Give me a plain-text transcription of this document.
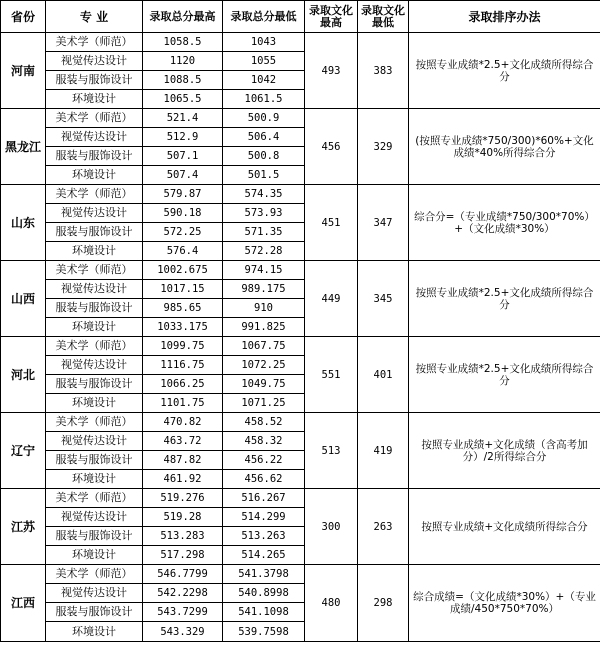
省份	专 业	录取总分最高	录取总分最低	录取文化最高	录取文化最低	录取排序办法
河南	美术学（师范）	1058.5	1043	493	383	按照专业成绩*2.5+文化成绩所得综合分
	视觉传达设计	1120	1055			
	服装与服饰设计	1088.5	1042			
	环境设计	1065.5	1061.5			
黑龙江	美术学（师范）	521.4	500.9	456	329	(按照专业成绩*750/300)*60%+文化成绩*40%所得综合分
	视觉传达设计	512.9	506.4			
	服装与服饰设计	507.1	500.8			
	环境设计	507.4	501.5			
山东	美术学（师范）	579.87	574.35	451	347	综合分=（专业成绩*750/300*70%）+（文化成绩*30%）
	视觉传达设计	590.18	573.93			
	服装与服饰设计	572.25	571.35			
	环境设计	576.4	572.28			
山西	美术学（师范）	1002.675	974.15	449	345	按照专业成绩*2.5+文化成绩所得综合分
	视觉传达设计	1017.15	989.175			
	服装与服饰设计	985.65	910			
	环境设计	1033.175	991.825			
河北	美术学（师范）	1099.75	1067.75	551	401	按照专业成绩*2.5+文化成绩所得综合分
	视觉传达设计	1116.75	1072.25			
	服装与服饰设计	1066.25	1049.75			
	环境设计	1101.75	1071.25			
辽宁	美术学（师范）	470.82	458.52	513	419	按照专业成绩+文化成绩（含高考加分）/2所得综合分
	视觉传达设计	463.72	458.32			
	服装与服饰设计	487.82	456.22			
	环境设计	461.92	456.62			
江苏	美术学（师范）	519.276	516.267	300	263	按照专业成绩+文化成绩所得综合分
	视觉传达设计	519.28	514.299			
	服装与服饰设计	513.283	513.263			
	环境设计	517.298	514.265			
江西	美术学（师范）	546.7799	541.3798	480	298	综合成绩=（文化成绩*30%）+（专业成绩/450*750*70%）
	视觉传达设计	542.2298	540.8998			
	服装与服饰设计	543.7299	541.1098			
	环境设计	543.329	539.7598			
